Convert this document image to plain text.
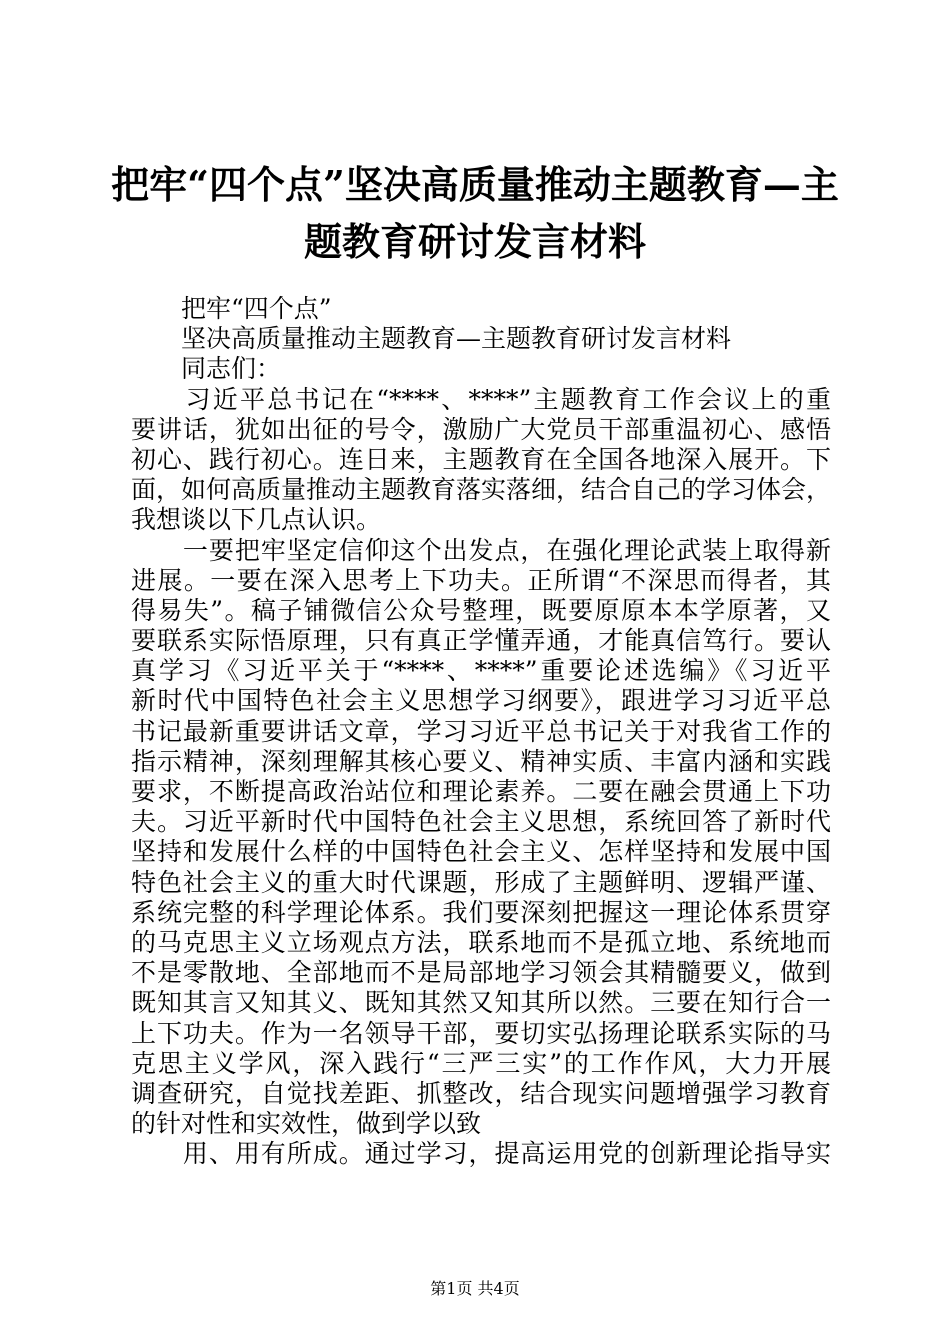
把牢“四个点”坚决高质量推动主题教育—主
题教育研讨发言材料
　　把牢“四个点”
　　坚决高质量推动主题教育—主题教育研讨发言材料
　　同志们：
　　习近平总书记在“****、****”主题教育工作会议上的重
要讲话，犹如出征的号令，激励广大党员干部重温初心、感悟
初心、践行初心。连日来，主题教育在全国各地深入展开。下
面，如何高质量推动主题教育落实落细，结合自己的学习体会，
我想谈以下几点认识。
　　一要把牢坚定信仰这个出发点，在强化理论武装上取得新
进展。一要在深入思考上下功夫。正所谓“不深思而得者，其
得易失”。稿子铺微信公众号整理，既要原原本本学原著，又
要联系实际悟原理，只有真正学懂弄通，才能真信笃行。要认
真学习《习近平关于“****、****”重要论述选编》《习近平
新时代中国特色社会主义思想学习纲要》，跟进学习习近平总
书记最新重要讲话文章，学习习近平总书记关于对我省工作的
指示精神，深刻理解其核心要义、精神实质、丰富内涵和实践
要求，不断提高政治站位和理论素养。二要在融会贯通上下功
夫。习近平新时代中国特色社会主义思想，系统回答了新时代
坚持和发展什么样的中国特色社会主义、怎样坚持和发展中国
特色社会主义的重大时代课题，形成了主题鲜明、逻辑严谨、
系统完整的科学理论体系。我们要深刻把握这一理论体系贯穿
的马克思主义立场观点方法，联系地而不是孤立地、系统地而
不是零散地、全部地而不是局部地学习领会其精髓要义，做到
既知其言又知其义、既知其然又知其所以然。三要在知行合一
上下功夫。作为一名领导干部，要切实弘扬理论联系实际的马
克思主义学风，深入践行“三严三实”的工作作风，大力开展
调查研究，自觉找差距、抓整改，结合现实问题增强学习教育
的针对性和实效性，做到学以致
　　用、用有所成。通过学习，提高运用党的创新理论指导实
第1页 共4页
